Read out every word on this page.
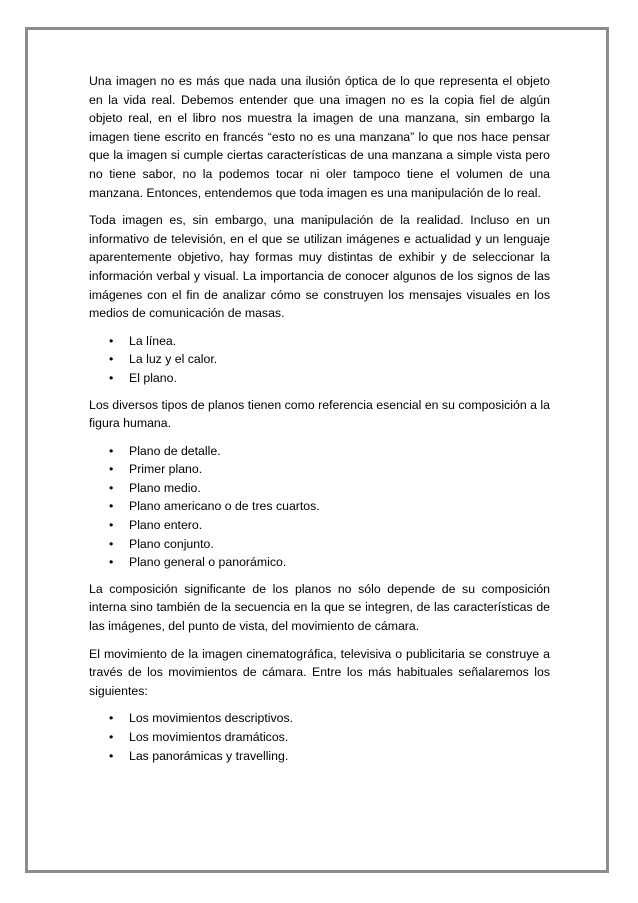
Una imagen no es más que nada una ilusión óptica de lo que representa el objeto en la vida real. Debemos entender que una imagen no es la copia fiel de algún objeto real, en el libro nos muestra la imagen de una manzana, sin embargo la imagen tiene escrito en francés “esto no es una manzana” lo que nos hace pensar que la imagen si cumple ciertas características de una manzana a simple vista pero no tiene sabor, no la podemos tocar ni oler tampoco tiene el volumen de una manzana. Entonces, entendemos que toda imagen es una manipulación de lo real.

Toda imagen es, sin embargo, una manipulación de la realidad. Incluso en un informativo de televisión, en el que se utilizan imágenes e actualidad y un lenguaje aparentemente objetivo, hay formas muy distintas de exhibir y de seleccionar la información verbal y visual. La importancia de conocer algunos de los signos de las imágenes con el fin de analizar cómo se construyen los mensajes visuales en los medios de comunicación de masas.

• La línea.
• La luz y el calor.
• El plano.

Los diversos tipos de planos tienen como referencia esencial en su composición a la figura humana.

• Plano de detalle.
• Primer plano.
• Plano medio.
• Plano americano o de tres cuartos.
• Plano entero.
• Plano conjunto.
• Plano general o panorámico.

La composición significante de los planos no sólo depende de su composición interna sino también de la secuencia en la que se integren, de las características de las imágenes, del punto de vista, del movimiento de cámara.

El movimiento de la imagen cinematográfica, televisiva o publicitaria se construye a través de los movimientos de cámara. Entre los más habituales señalaremos los siguientes:

• Los movimientos descriptivos.
• Los movimientos dramáticos.
• Las panorámicas y travelling.
